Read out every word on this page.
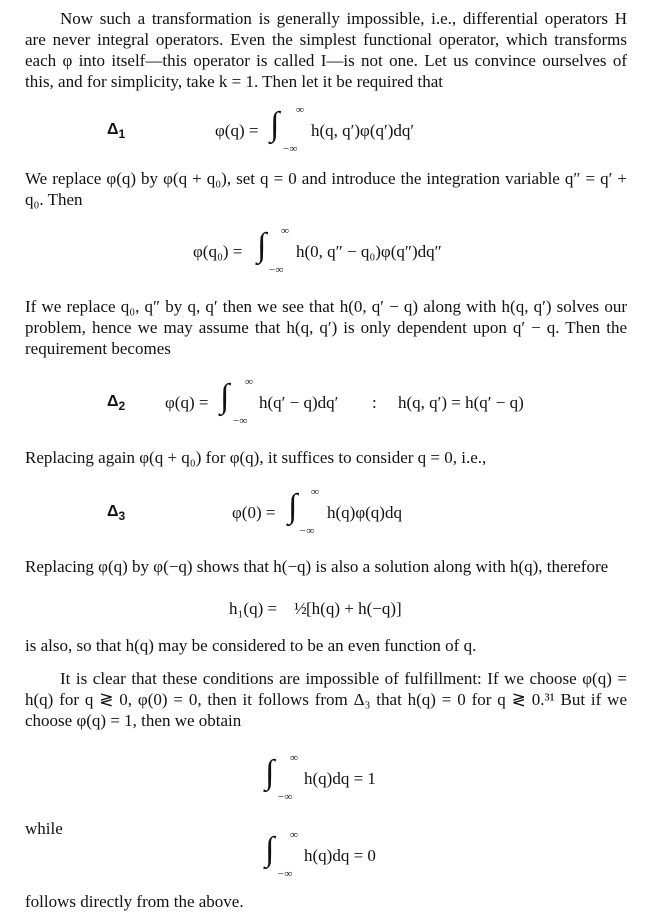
Now such a transformation is generally impossible, i.e., differential operators H are never integral operators. Even the simplest functional operator, which transforms each φ into itself—this operator is called I—is not one. Let us convince ourselves of this, and for simplicity, take k = 1. Then let it be required that

$\Delta_1$	φ(q) = ∫ ∞
−∞
h(q, q′)φ(q′)dq′

We replace φ(q) by φ(q + q₀), set q = 0 and introduce the integration variable q″ = q′ + q₀. Then

φ(q₀) = ∫ ∞
−∞
h(0, q″ − q₀)φ(q″)dq″

If we replace q₀, q″ by q, q′ then we see that h(0, q′ − q) along with h(q, q′) solves our problem, hence we may assume that h(q, q′) is only dependent upon q′ − q. Then the requirement becomes

$\Delta_2$ φ(q) = ∫ ∞
−∞
h(q′ − q)dq′ : h(q, q′) = h(q′ − q)

Replacing again φ(q + q₀) for φ(q), it suffices to consider q = 0, i.e.,

$\Delta_3$	φ(0) = ∫ ∞
−∞
h(q)φ(q)dq

Replacing φ(q) by φ(−q) shows that h(−q) is also a solution along with h(q), therefore

h₁(q) = ½ [h(q) + h(−q)]

is also, so that h(q) may be considered to be an even function of q.

It is clear that these conditions are impossible of fulfillment: If we choose φ(q) = h(q) for q ≷ 0, φ(0) = 0, then it follows from Δ₃ that h(q) = 0 for q ≷ 0.³¹ But if we choose φ(q) = 1, then we obtain

∫ ∞
−∞
h(q)dq = 1

while

∫ ∞
−∞
h(q)dq = 0

follows directly from the above.
